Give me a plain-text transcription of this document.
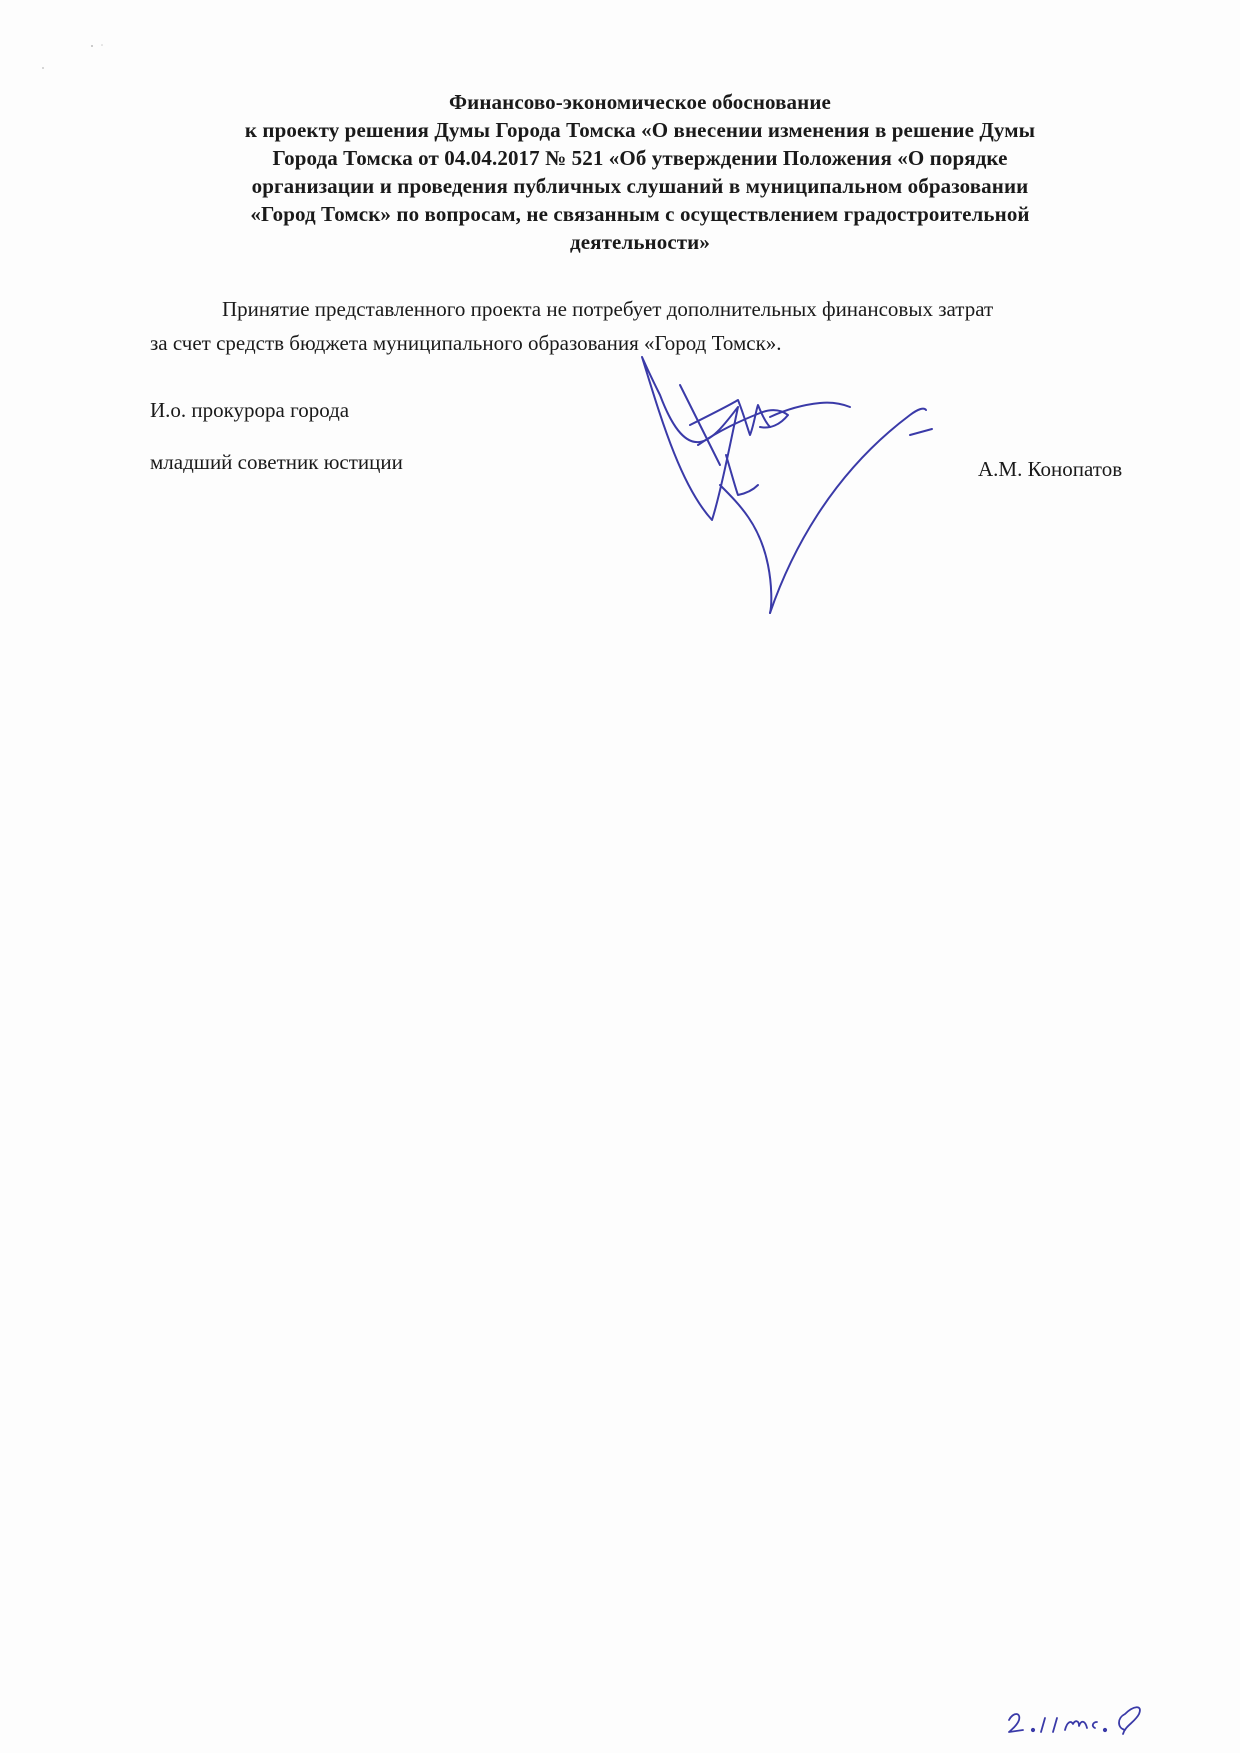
Финансово-экономическое обоснование
к проекту решения Думы Города Томска «О внесении изменения в решение Думы
Города Томска от 04.04.2017 № 521 «Об утверждении Положения «О порядке
организации и проведения публичных слушаний в муниципальном образовании
«Город Томск» по вопросам, не связанным с осуществлением градостроительной
деятельности»
Принятие представленного проекта не потребует дополнительных финансовых затрат
за счет средств бюджета муниципального образования «Город Томск».
И.о. прокурора города
младший советник юстиции	А.М. Конопатов
